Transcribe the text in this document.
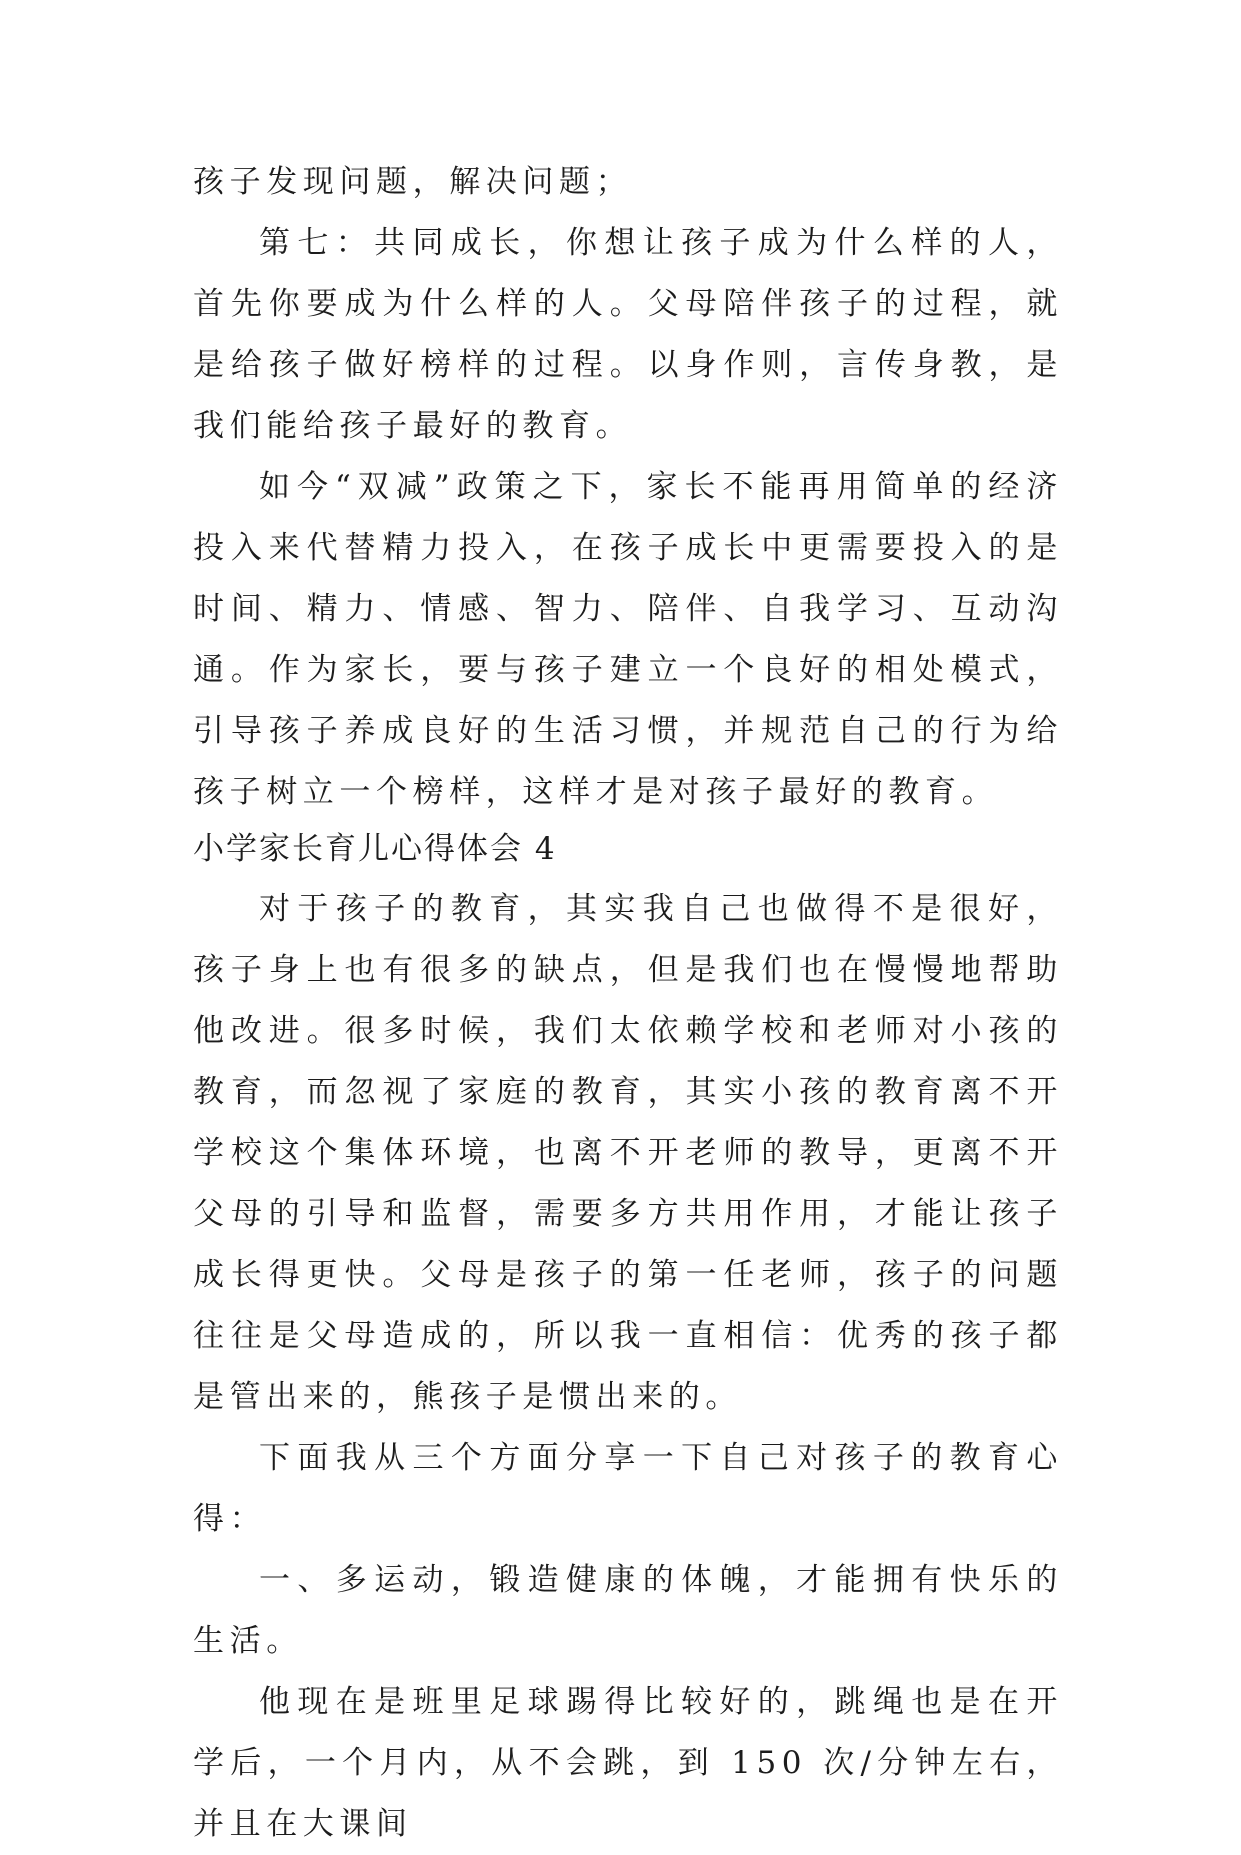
孩子发现问题，解决问题；

第七：共同成长，你想让孩子成为什么样的人，首先你要成为什么样的人。父母陪伴孩子的过程，就是给孩子做好榜样的过程。以身作则，言传身教，是我们能给孩子最好的教育。

如今“双减”政策之下，家长不能再用简单的经济投入来代替精力投入，在孩子成长中更需要投入的是时间、精力、情感、智力、陪伴、自我学习、互动沟通。作为家长，要与孩子建立一个良好的相处模式，引导孩子养成良好的生活习惯，并规范自己的行为给孩子树立一个榜样，这样才是对孩子最好的教育。

小学家长育儿心得体会 4

对于孩子的教育，其实我自己也做得不是很好，孩子身上也有很多的缺点，但是我们也在慢慢地帮助他改进。很多时候，我们太依赖学校和老师对小孩的教育，而忽视了家庭的教育，其实小孩的教育离不开学校这个集体环境，也离不开老师的教导，更离不开父母的引导和监督，需要多方共用作用，才能让孩子成长得更快。父母是孩子的第一任老师，孩子的问题往往是父母造成的，所以我一直相信：优秀的孩子都是管出来的，熊孩子是惯出来的。

下面我从三个方面分享一下自己对孩子的教育心得：

一、多运动，锻造健康的体魄，才能拥有快乐的生活。

他现在是班里足球踢得比较好的，跳绳也是在开学后，一个月内，从不会跳，到 150 次/分钟左右，并且在大课间
